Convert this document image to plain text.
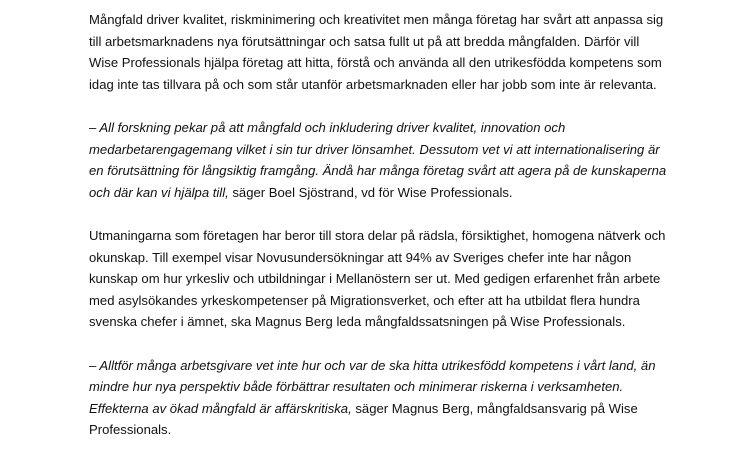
Mångfald driver kvalitet, riskminimering och kreativitet men många företag har svårt att anpassa sig
till arbetsmarknadens nya förutsättningar och satsa fullt ut på att bredda mångfalden. Därför vill
Wise Professionals hjälpa företag att hitta, förstå och använda all den utrikesfödda kompetens som
idag inte tas tillvara på och som står utanför arbetsmarknaden eller har jobb som inte är relevanta.

– All forskning pekar på att mångfald och inkludering driver kvalitet, innovation och
medarbetarengagemang vilket i sin tur driver lönsamhet. Dessutom vet vi att internationalisering är
en förutsättning för långsiktig framgång. Ändå har många företag svårt att agera på de kunskaperna
och där kan vi hjälpa till, säger Boel Sjöstrand, vd för Wise Professionals.

Utmaningarna som företagen har beror till stora delar på rädsla, försiktighet, homogena nätverk och
okunskap. Till exempel visar Novusundersökningar att 94% av Sveriges chefer inte har någon
kunskap om hur yrkesliv och utbildningar i Mellanöstern ser ut. Med gedigen erfarenhet från arbete
med asylsökandes yrkeskompetenser på Migrationsverket, och efter att ha utbildat flera hundra
svenska chefer i ämnet, ska Magnus Berg leda mångfaldssatsningen på Wise Professionals.

– Alltför många arbetsgivare vet inte hur och var de ska hitta utrikesfödd kompetens i vårt land, än
mindre hur nya perspektiv både förbättrar resultaten och minimerar riskerna i verksamheten.
Effekterna av ökad mångfald är affärskritiska, säger Magnus Berg, mångfaldsansvarig på Wise
Professionals.
